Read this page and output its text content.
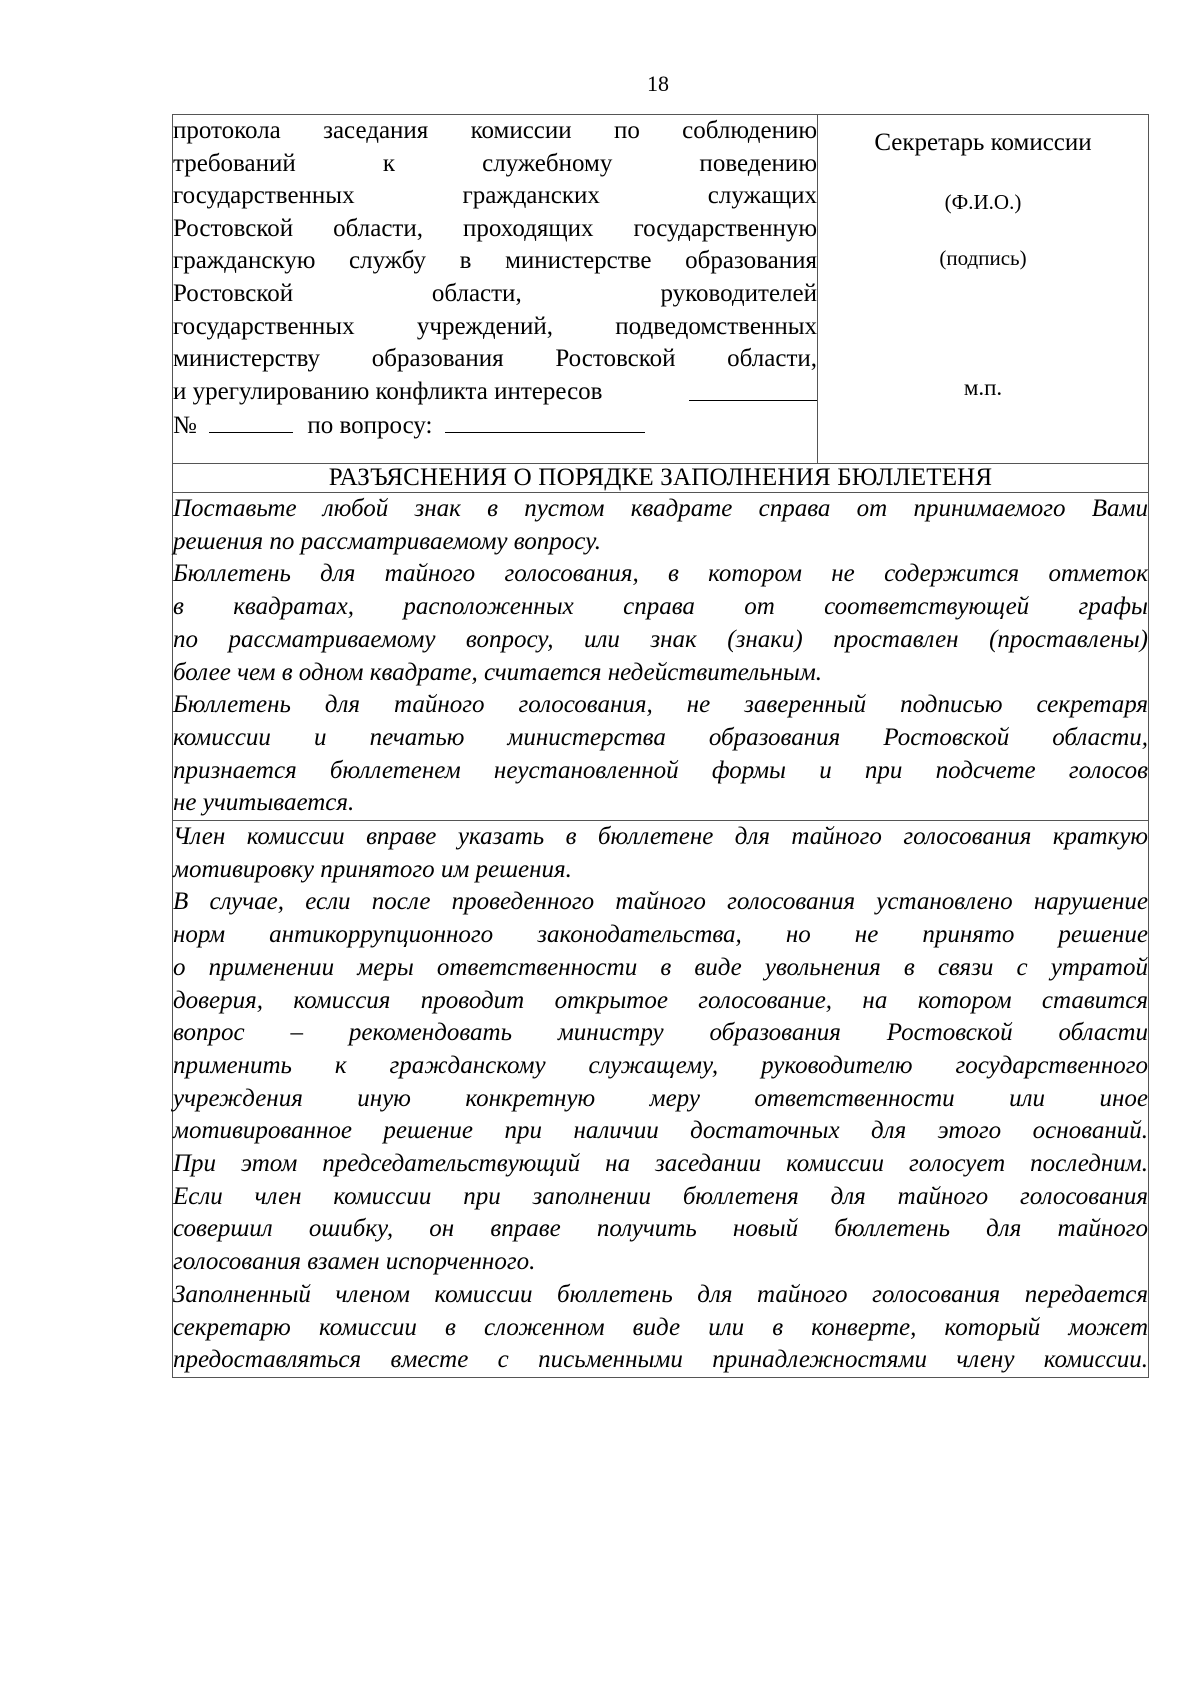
18
протокола заседания комиссии по соблюдению
требований к служебному поведению
государственных гражданских служащих
Ростовской области, проходящих государственную
гражданскую службу в министерстве образования
Ростовской области, руководителей
государственных учреждений, подведомственных
министерству образования Ростовской области,
и урегулированию конфликта интересов
№	по вопросу:

Секретарь комиссии
(Ф.И.О.)
(подпись)
м.п.

РАЗЪЯСНЕНИЯ О ПОРЯДКЕ ЗАПОЛНЕНИЯ БЮЛЛЕТЕНЯ

Поставьте любой знак в пустом квадрате справа от принимаемого Вами
решения по рассматриваемому вопросу.
Бюллетень для тайного голосования, в котором не содержится отметок
в квадратах, расположенных справа от соответствующей графы
по рассматриваемому вопросу, или знак (знаки) проставлен (проставлены)
более чем в одном квадрате, считается недействительным.
Бюллетень для тайного голосования, не заверенный подписью секретаря
комиссии и печатью министерства образования Ростовской области,
признается бюллетенем неустановленной формы и при подсчете голосов
не учитывается.

Член комиссии вправе указать в бюллетене для тайного голосования краткую
мотивировку принятого им решения.
В случае, если после проведенного тайного голосования установлено нарушение
норм антикоррупционного законодательства, но не принято решение
о применении меры ответственности в виде увольнения в связи с утратой
доверия, комиссия проводит открытое голосование, на котором ставится
вопрос – рекомендовать министру образования Ростовской области
применить к гражданскому служащему, руководителю государственного
учреждения иную конкретную меру ответственности или иное
мотивированное решение при наличии достаточных для этого оснований.
При этом председательствующий на заседании комиссии голосует последним.
Если член комиссии при заполнении бюллетеня для тайного голосования
совершил ошибку, он вправе получить новый бюллетень для тайного
голосования взамен испорченного.
Заполненный членом комиссии бюллетень для тайного голосования передается
секретарю комиссии в сложенном виде или в конверте, который может
предоставляться вместе с письменными принадлежностями члену комиссии.
